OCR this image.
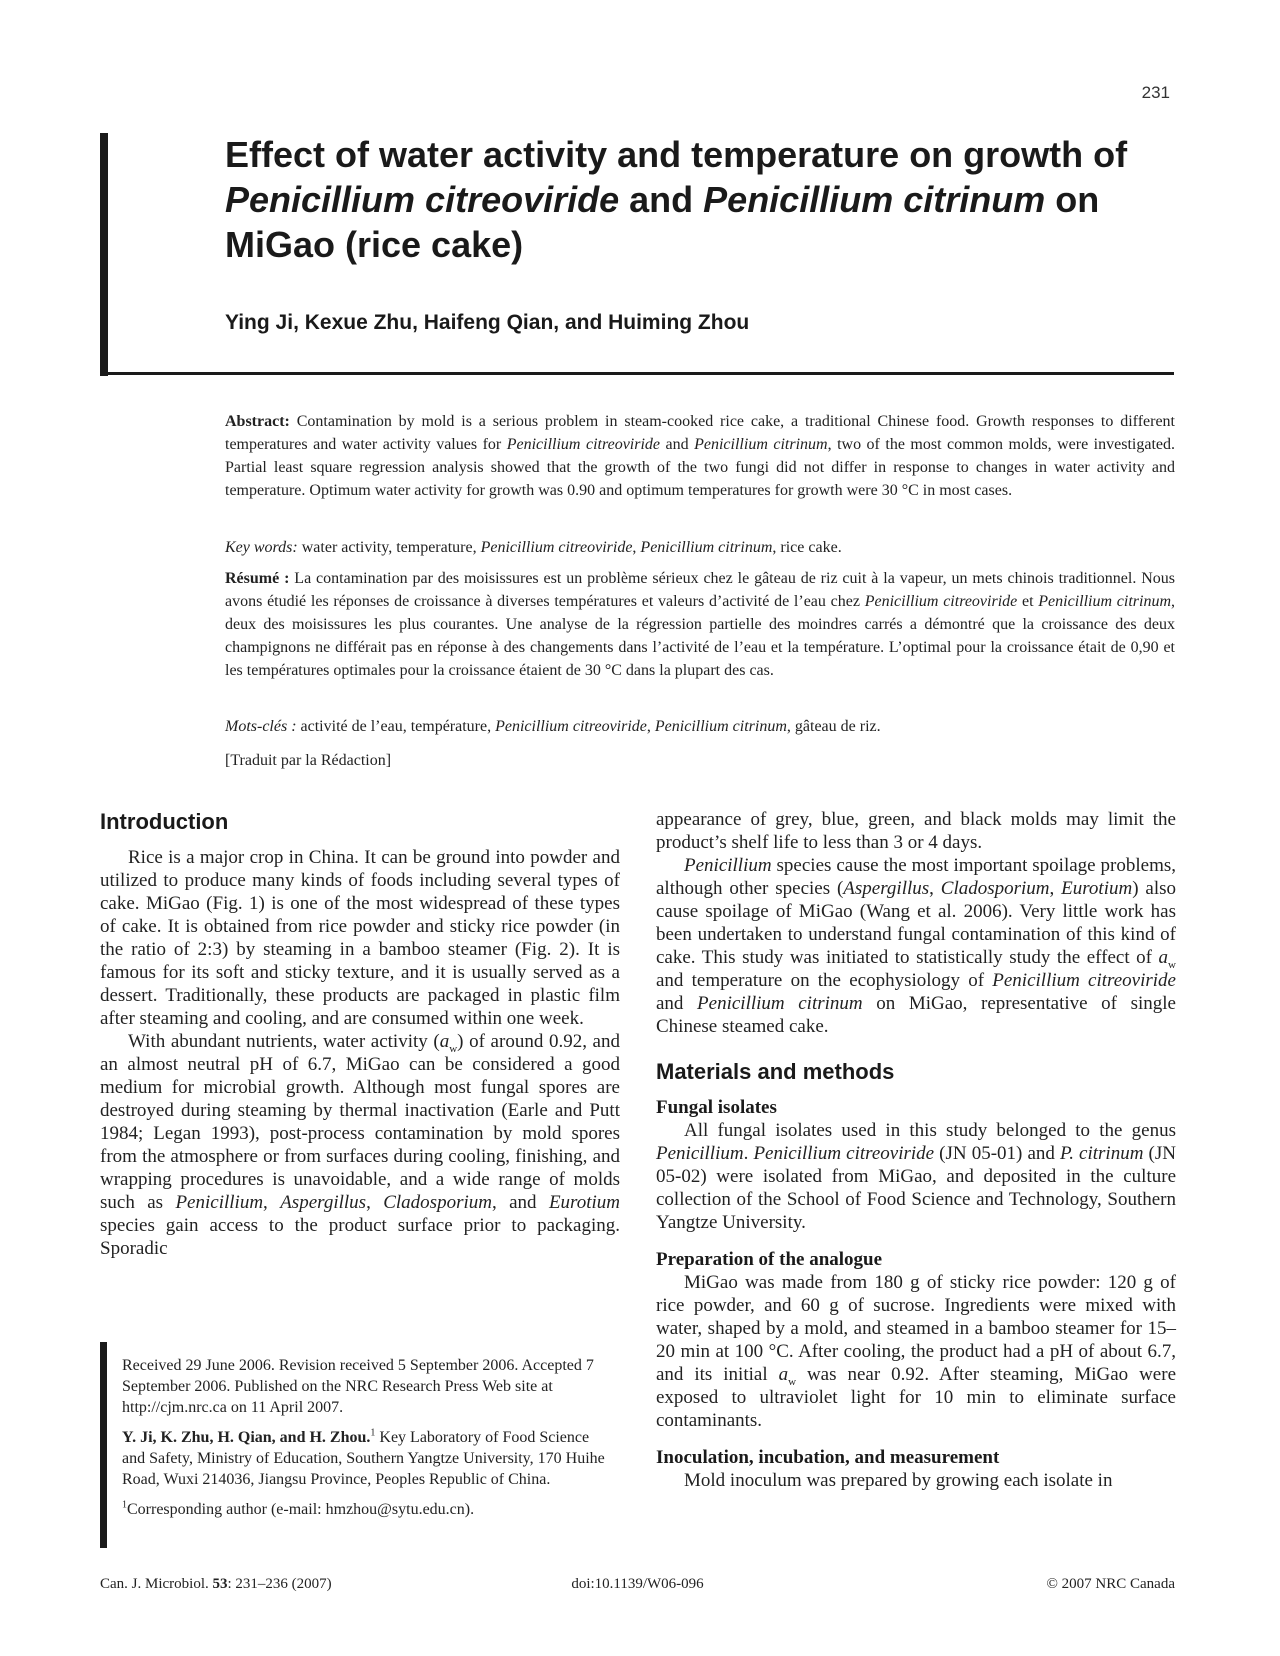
231
Effect of water activity and temperature on growth of Penicillium citreoviride and Penicillium citrinum on MiGao (rice cake)
Ying Ji, Kexue Zhu, Haifeng Qian, and Huiming Zhou

Abstract: Contamination by mold is a serious problem in steam-cooked rice cake, a traditional Chinese food. Growth responses to different temperatures and water activity values for Penicillium citreoviride and Penicillium citrinum, two of the most common molds, were investigated. Partial least square regression analysis showed that the growth of the two fungi did not differ in response to changes in water activity and temperature. Optimum water activity for growth was 0.90 and optimum temperatures for growth were 30 °C in most cases.

Key words: water activity, temperature, Penicillium citreoviride, Penicillium citrinum, rice cake.

Résumé : La contamination par des moisissures est un problème sérieux chez le gâteau de riz cuit à la vapeur, un mets chinois traditionnel. Nous avons étudié les réponses de croissance à diverses températures et valeurs d’activité de l’eau chez Penicillium citreoviride et Penicillium citrinum, deux des moisissures les plus courantes. Une analyse de la régression partielle des moindres carrés a démontré que la croissance des deux champignons ne différait pas en réponse à des changements dans l’activité de l’eau et la température. L’optimal pour la croissance était de 0,90 et les températures optimales pour la croissance étaient de 30 °C dans la plupart des cas.

Mots-clés : activité de l’eau, température, Penicillium citreoviride, Penicillium citrinum, gâteau de riz.

[Traduit par la Rédaction]

Introduction

Rice is a major crop in China. It can be ground into powder and utilized to produce many kinds of foods including several types of cake. MiGao (Fig. 1) is one of the most widespread of these types of cake. It is obtained from rice powder and sticky rice powder (in the ratio of 2:3) by steaming in a bamboo steamer (Fig. 2). It is famous for its soft and sticky texture, and it is usually served as a dessert. Traditionally, these products are packaged in plastic film after steaming and cooling, and are consumed within one week.

With abundant nutrients, water activity $(a_w)$ of around 0.92, and an almost neutral pH of 6.7, MiGao can be considered a good medium for microbial growth. Although most fungal spores are destroyed during steaming by thermal inactivation (Earle and Putt 1984; Legan 1993), post-process contamination by mold spores from the atmosphere or from surfaces during cooling, finishing, and wrapping procedures is unavoidable, and a wide range of molds such as Penicillium, Aspergillus, Cladosporium, and Eurotium species gain access to the product surface prior to packaging. Sporadic

Received 29 June 2006. Revision received 5 September 2006. Accepted 7 September 2006. Published on the NRC Research Press Web site at http://cjm.nrc.ca on 11 April 2007.

Y. Ji, K. Zhu, H. Qian, and H. Zhou.$^1$ Key Laboratory of Food Science and Safety, Ministry of Education, Southern Yangtze University, 170 Huihe Road, Wuxi 214036, Jiangsu Province, Peoples Republic of China.

$^1$Corresponding author (e-mail: hmzhou@sytu.edu.cn).

appearance of grey, blue, green, and black molds may limit the product’s shelf life to less than 3 or 4 days.

Penicillium species cause the most important spoilage problems, although other species (Aspergillus, Cladosporium, Eurotium) also cause spoilage of MiGao (Wang et al. 2006). Very little work has been undertaken to understand fungal contamination of this kind of cake. This study was initiated to statistically study the effect of $a_w$ and temperature on the ecophysiology of Penicillium citreoviride and Penicillium citrinum on MiGao, representative of single Chinese steamed cake.

Materials and methods
Fungal isolates

All fungal isolates used in this study belonged to the genus Penicillium. Penicillium citreoviride (JN 05-01) and P. citrinum (JN 05-02) were isolated from MiGao, and deposited in the culture collection of the School of Food Science and Technology, Southern Yangtze University.

Preparation of the analogue

MiGao was made from 180 g of sticky rice powder: 120 g of rice powder, and 60 g of sucrose. Ingredients were mixed with water, shaped by a mold, and steamed in a bamboo steamer for 15–20 min at 100 °C. After cooling, the product had a pH of about 6.7, and its initial $a_w$ was near 0.92. After steaming, MiGao were exposed to ultraviolet light for 10 min to eliminate surface contaminants.

Inoculation, incubation, and measurement

Mold inoculum was prepared by growing each isolate in

Can. J. Microbiol. 53: 231–236 (2007)	doi:10.1139/W06-096	© 2007 NRC Canada
